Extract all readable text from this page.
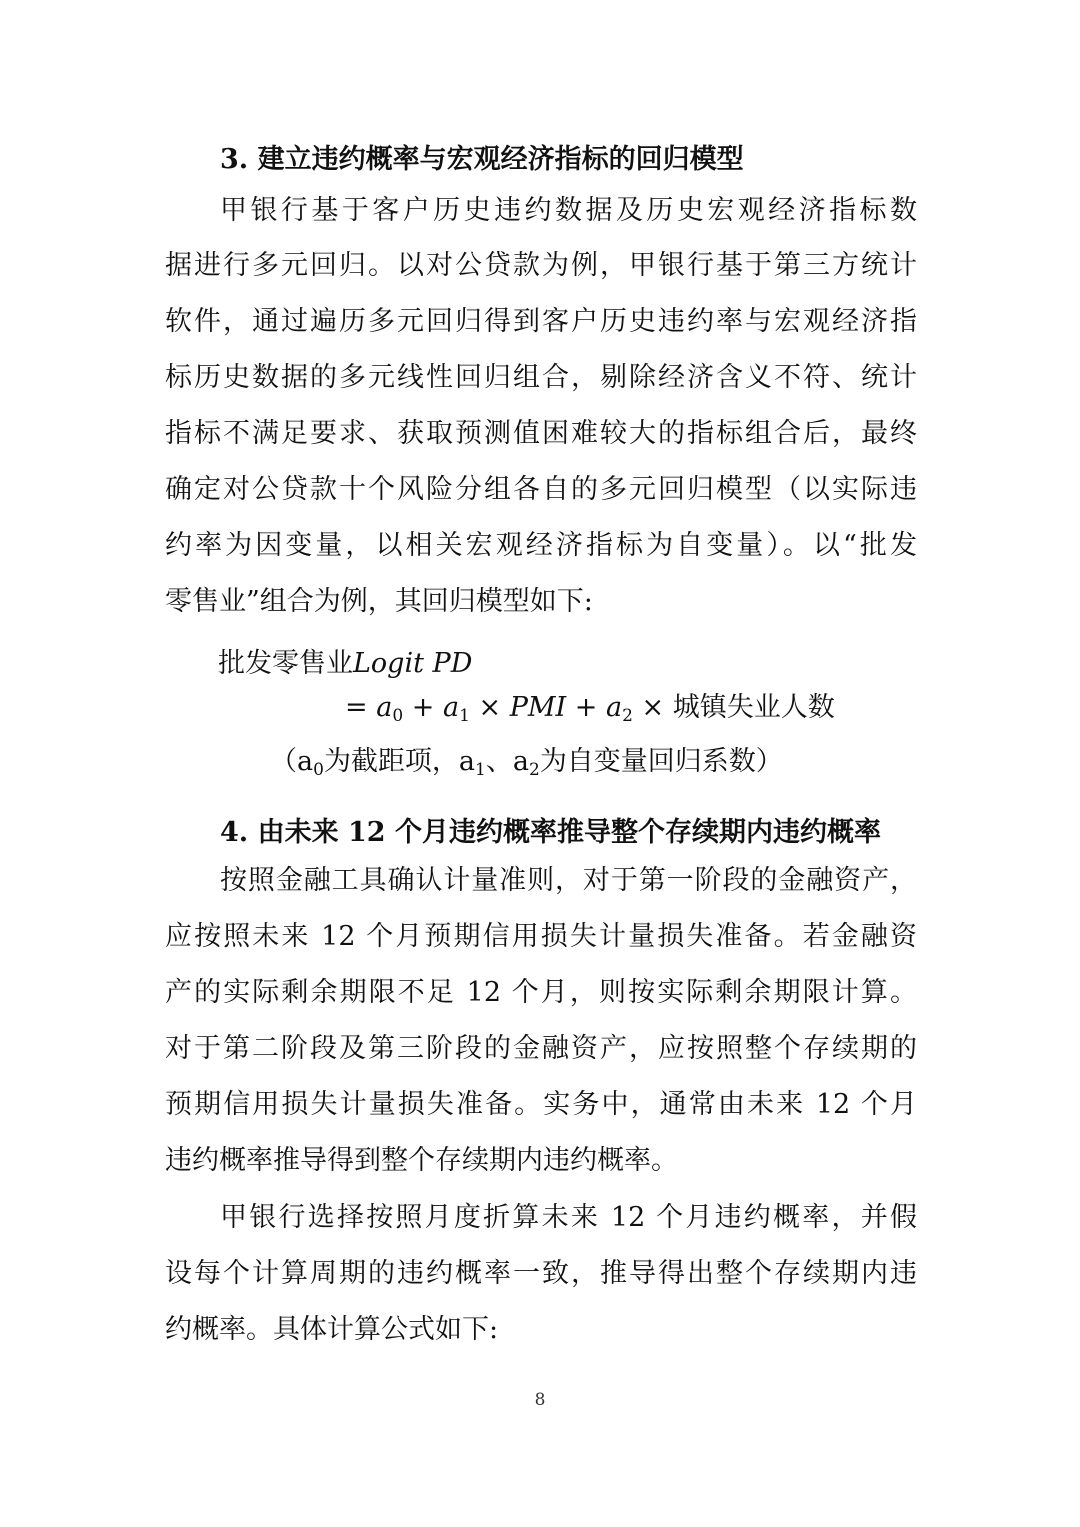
3. 建立违约概率与宏观经济指标的回归模型
甲银行基于客户历史违约数据及历史宏观经济指标数
据进行多元回归。以对公贷款为例，甲银行基于第三方统计
软件，通过遍历多元回归得到客户历史违约率与宏观经济指
标历史数据的多元线性回归组合，剔除经济含义不符、统计
指标不满足要求、获取预测值困难较大的指标组合后，最终
确定对公贷款十个风险分组各自的多元回归模型（以实际违
约率为因变量，以相关宏观经济指标为自变量）。以“批发
零售业”组合为例，其回归模型如下:
批发零售业Logit PD
= $a_0 + a_1$ × PMI + $a_2$ × 城镇失业人数
（$a_0$为截距项，$a_1$、$a_2$为自变量回归系数）
4. 由未来 12 个月违约概率推导整个存续期内违约概率
按照金融工具确认计量准则，对于第一阶段的金融资产，
应按照未来 12 个月预期信用损失计量损失准备。若金融资
产的实际剩余期限不足 12 个月，则按实际剩余期限计算。
对于第二阶段及第三阶段的金融资产，应按照整个存续期的
预期信用损失计量损失准备。实务中，通常由未来 12 个月
违约概率推导得到整个存续期内违约概率。
甲银行选择按照月度折算未来 12 个月违约概率，并假
设每个计算周期的违约概率一致，推导得出整个存续期内违
约概率。具体计算公式如下:
8
